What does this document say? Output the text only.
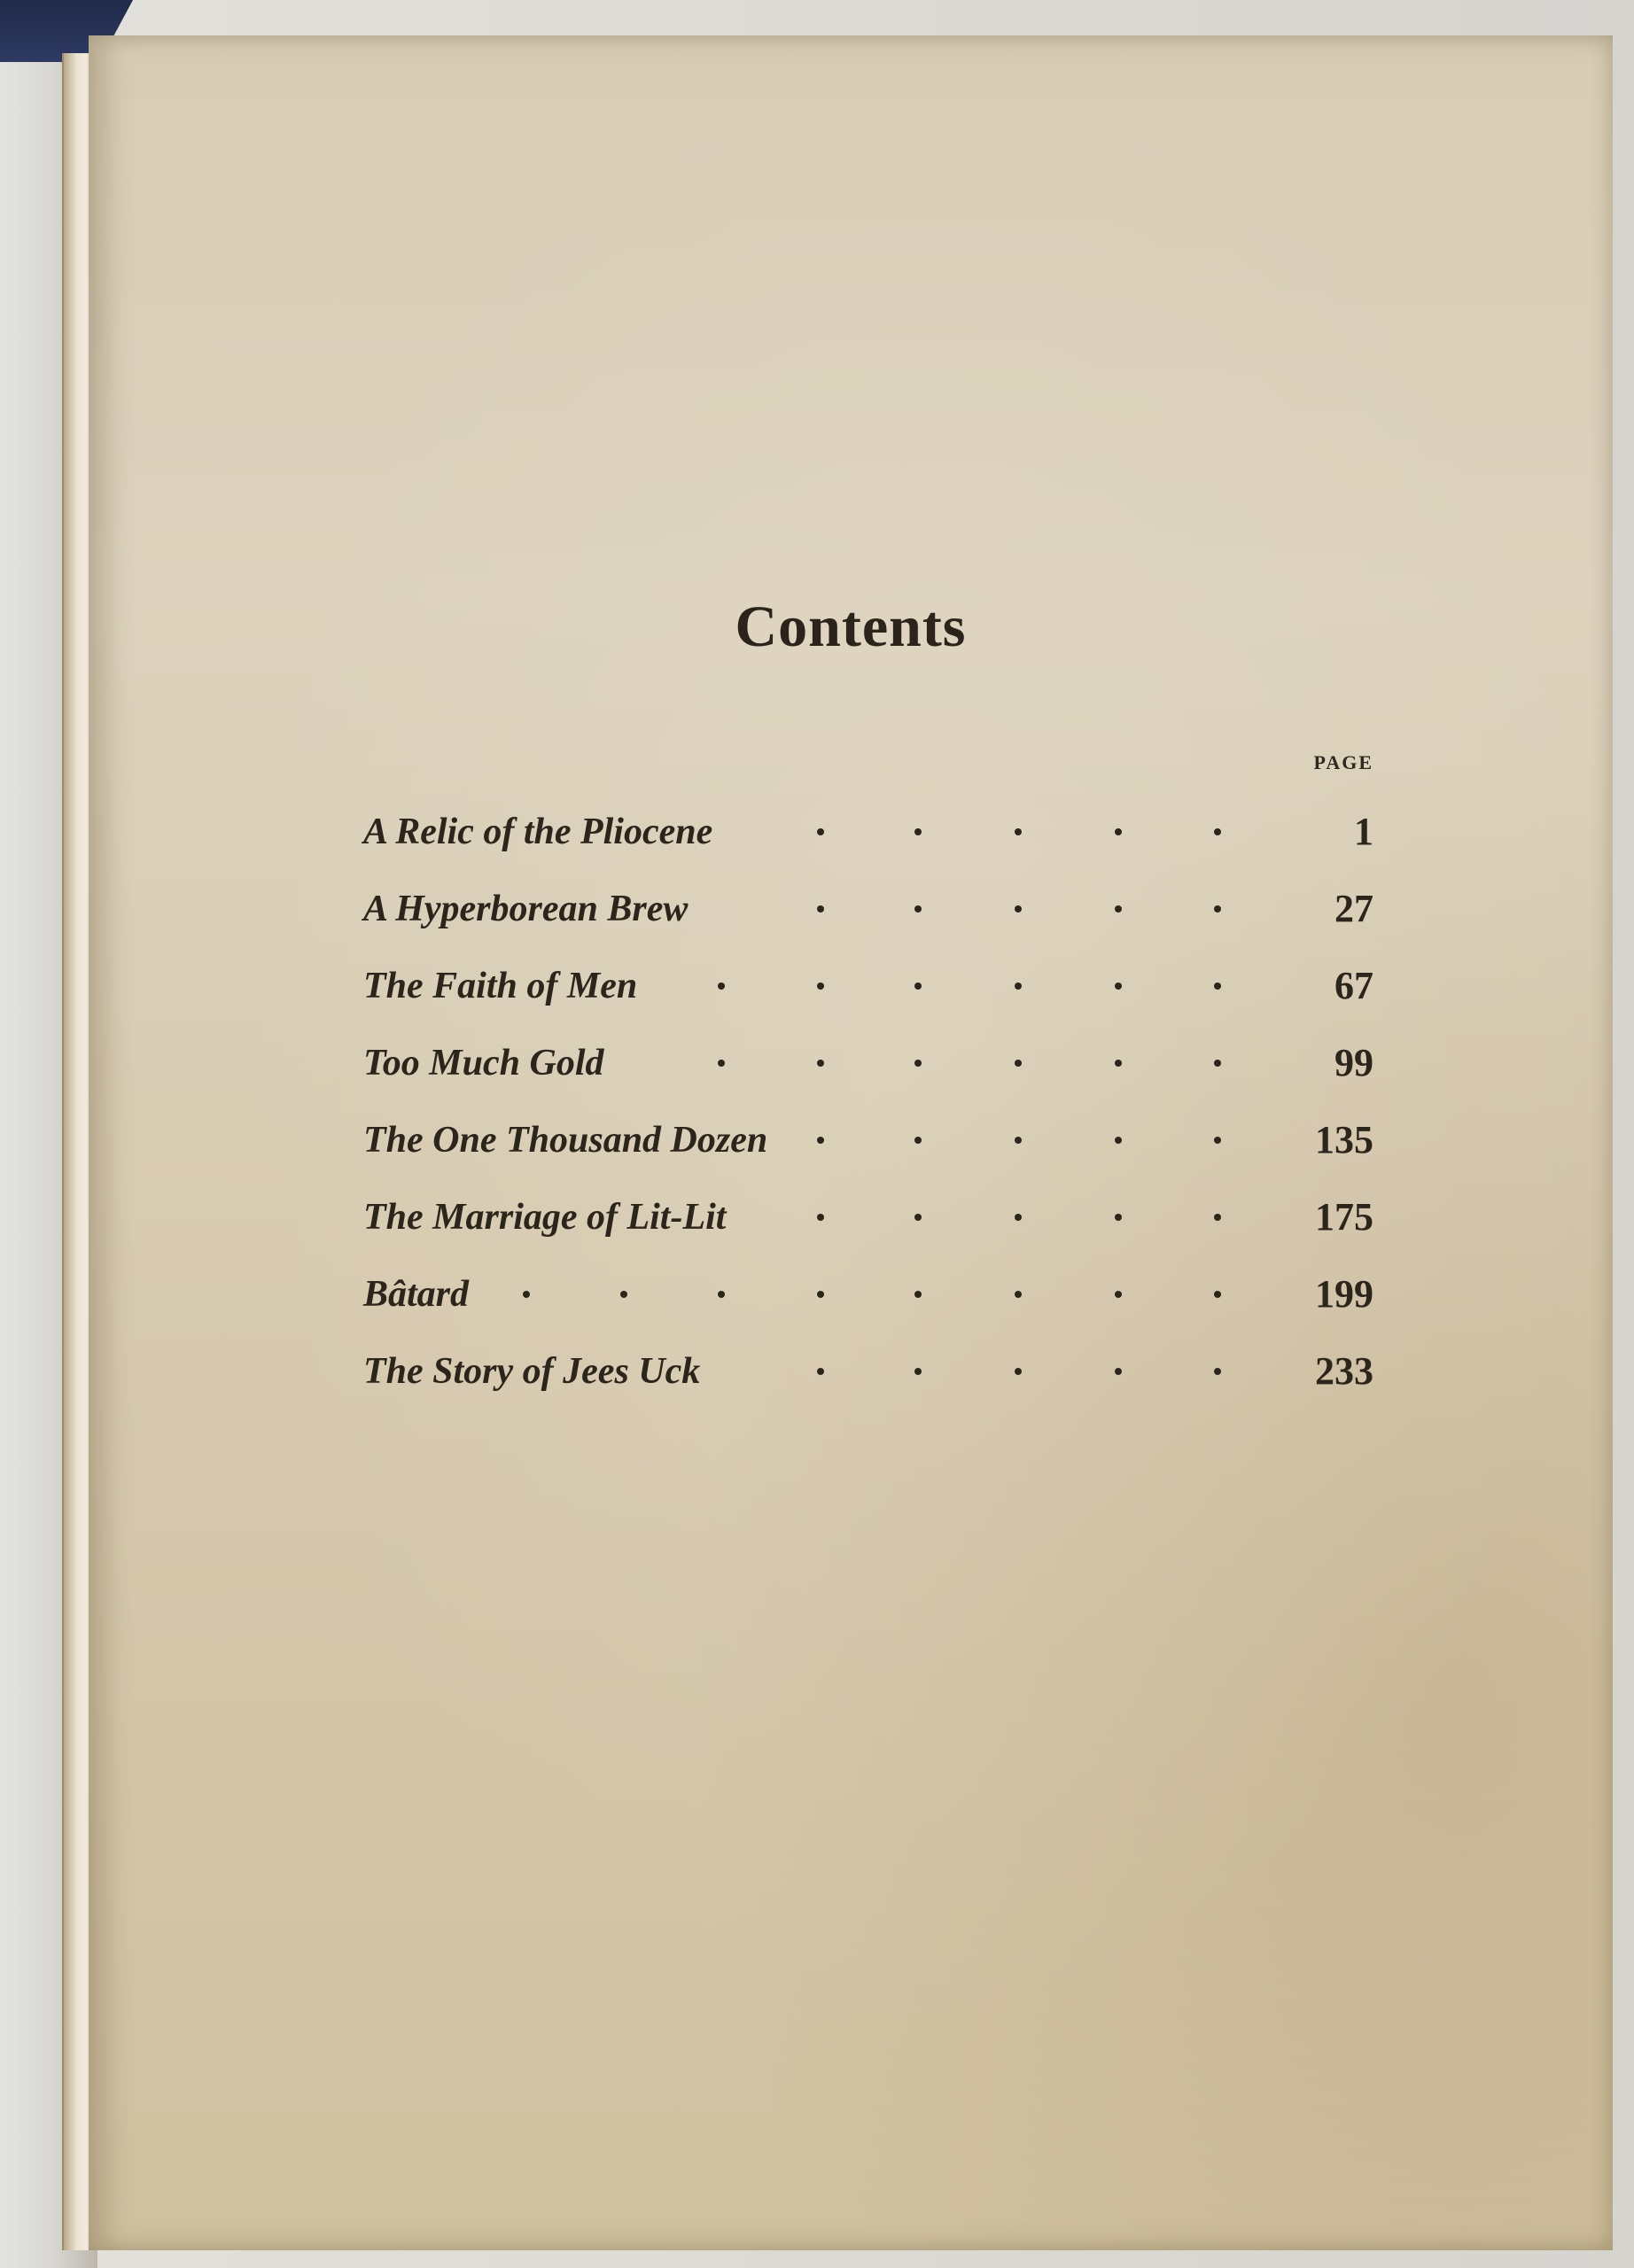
Contents
PAGE
A Relic of the Pliocene	1
A Hyperborean Brew	27
The Faith of Men	67
Too Much Gold	99
The One Thousand Dozen	135
The Marriage of Lit-Lit	175
Bâtard	199
The Story of Jees Uck	233
